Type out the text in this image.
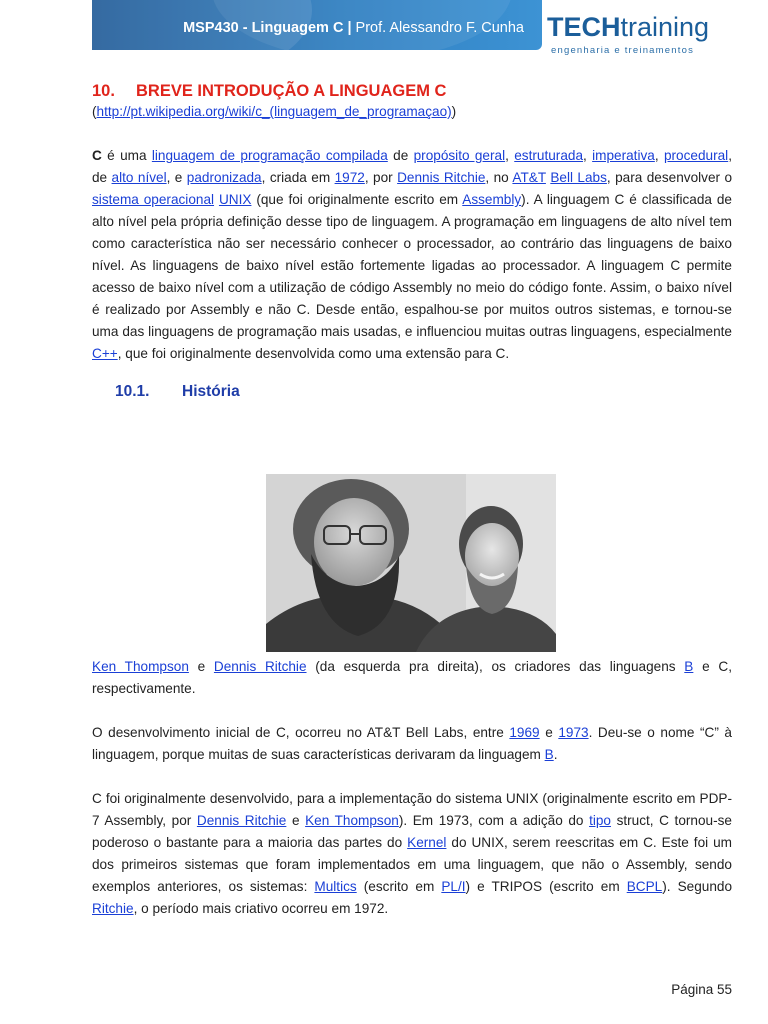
MSP430 - Linguagem C | Prof. Alessandro F. Cunha TECHtraining
engenharia e treinamentos
10. BREVE INTRODUÇÃO A LINGUAGEM C

(http://pt.wikipedia.org/wiki/c_(linguagem_de_programaçao))

C é uma linguagem de programação compilada de propósito geral, estruturada, imperativa, procedural, de alto nível, e padronizada, criada em 1972, por Dennis Ritchie, no AT&T Bell Labs, para desenvolver o sistema operacional UNIX (que foi originalmente escrito em Assembly). A linguagem C é classificada de alto nível pela própria definição desse tipo de linguagem. A programação em linguagens de alto nível tem como característica não ser necessário conhecer o processador, ao contrário das linguagens de baixo nível. As linguagens de baixo nível estão fortemente ligadas ao processador. A linguagem C permite acesso de baixo nível com a utilização de código Assembly no meio do código fonte. Assim, o baixo nível é realizado por Assembly e não C. Desde então, espalhou-se por muitos outros sistemas, e tornou-se uma das linguagens de programação mais usadas, e influenciou muitas outras linguagens, especialmente C++, que foi originalmente desenvolvida como uma extensão para C.

10.1. História

Ken Thompson e Dennis Ritchie (da esquerda pra direita), os criadores das linguagens B e C, respectivamente.

O desenvolvimento inicial de C, ocorreu no AT&T Bell Labs, entre 1969 e 1973. Deu-se o nome “C” à linguagem, porque muitas de suas características derivaram da linguagem B.

C foi originalmente desenvolvido, para a implementação do sistema UNIX (originalmente escrito em PDP-7 Assembly, por Dennis Ritchie e Ken Thompson). Em 1973, com a adição do tipo struct, C tornou-se poderoso o bastante para a maioria das partes do Kernel do UNIX, serem reescritas em C. Este foi um dos primeiros sistemas que foram implementados em uma linguagem, que não o Assembly, sendo exemplos anteriores, os sistemas: Multics (escrito em PL/I) e TRIPOS (escrito em BCPL). Segundo Ritchie, o período mais criativo ocorreu em 1972.

Página 55
